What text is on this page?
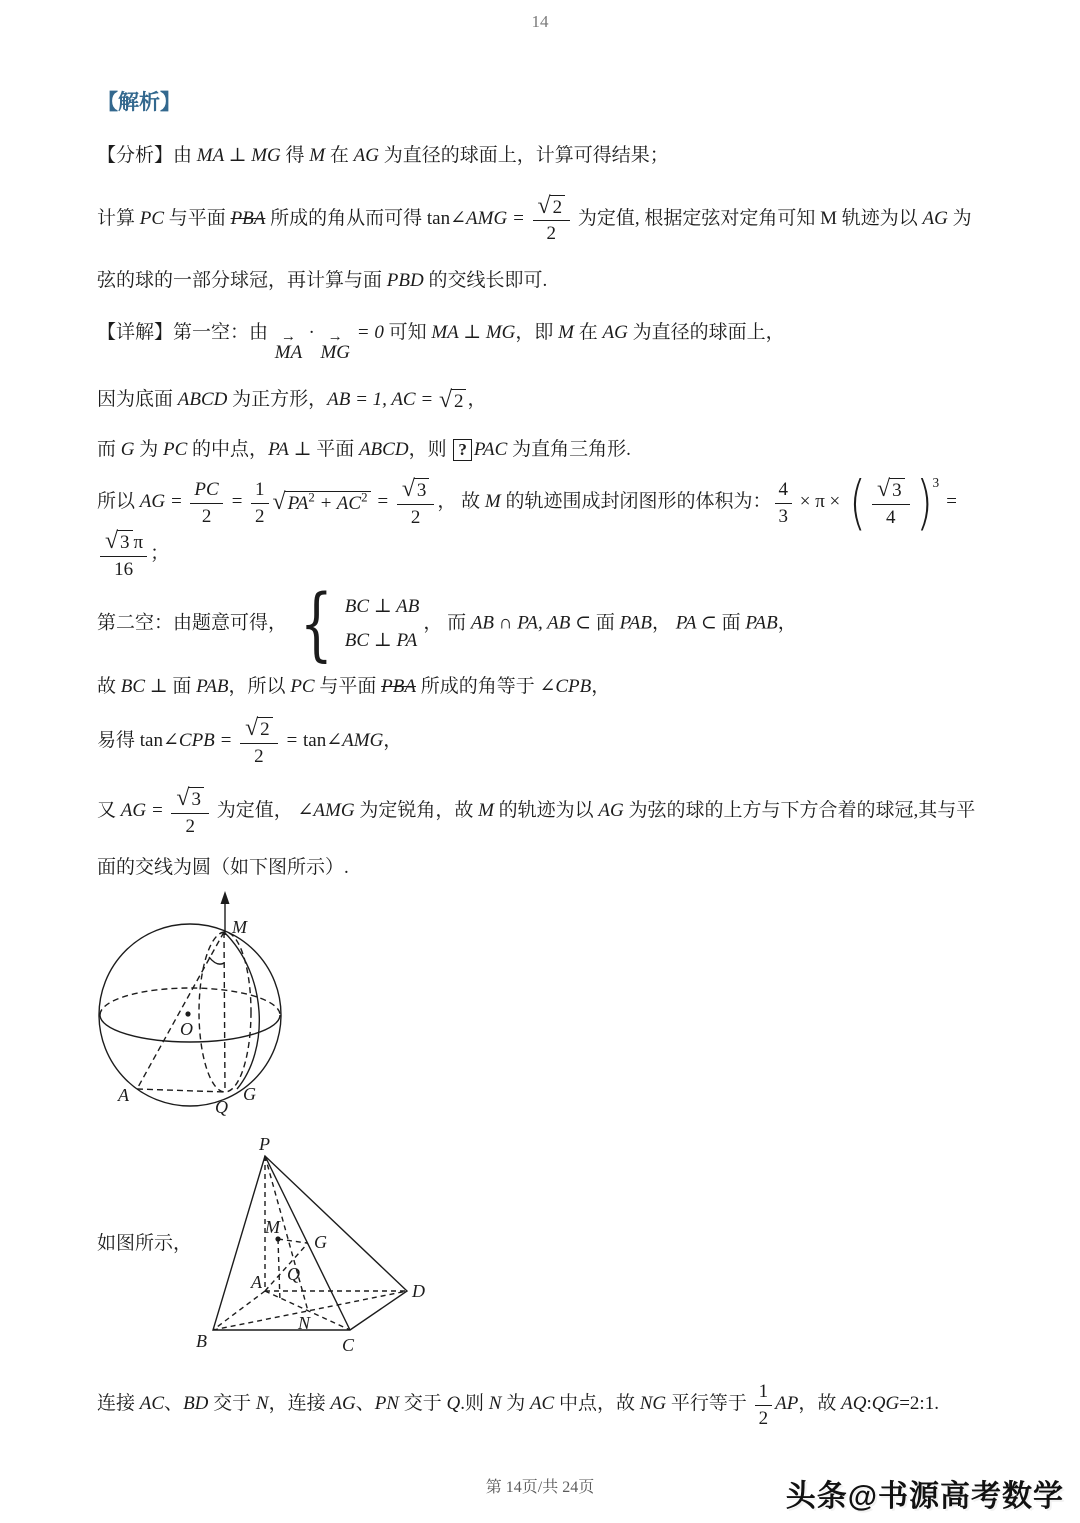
14
【解析】
【分析】由 MA ⊥ MG 得 M 在 AG 为直径的球面上，计算可得结果；
计算 PC 与平面 PBA 所成的角从而可得 tan∠AMG = $\frac{√ 2}{2}$ 为定值, 根据定弦对定角可知 M 轨迹为以 AG 为
弦的球的一部分球冠，再计算与面 PBD 的交线长即可.
【详解】第一空：由 →
MA
· →
MG
= 0 可知 MA ⊥ MG，即 M 在 AG 为直径的球面上，
因为底面 ABCD 为正方形，AB = 1, AC = √ 2 ，
而 G 为 PC 的中点，PA ⊥ 平面 ABCD，则 ? PAC 为直角三角形.
所以 AG = $\frac{PC}{2} = \frac{1}{2}$ √ $PA^2 + AC^2 = \frac{√ 3}{2}$ ， 故 M 的轨迹围成封闭图形的体积为： $\frac{4}{3} \times \pi$ × ( $\frac{√ 3}{4}$ ) 3
=
$\frac{√ 3 \pi}{16}$ ；
第二空：由题意可得， { BC ⊥ AB
BC ⊥ PA
， 而 AB ∩ PA, AB ⊂ 面 PAB， PA ⊂ 面 PAB，
故 BC ⊥ 面 PAB，所以 PC 与平面 PBA 所成的角等于 ∠CPB，
易得 tan∠CPB = $\frac{√ 2}{2}$ = tan∠AMG，
又 AG = $\frac{√ 3}{2}$ 为定值， ∠AMG 为定锐角，故 M 的轨迹为以 AG 为弦的球的上方与下方合着的球冠,其与平
面的交线为圆（如下图所示）.
M
O
A
Q
G
如图所示，
P
M
G
Q
A	D
B
N
C
连接 AC、BD 交于 N，连接 AG、PN 交于 Q.则 N 为 AC 中点，故 NG 平行等于 $\frac{1}{2}$ AP，故 AQ:QG=2:1.
第 14页/共 24页	头条@书源高考数学
